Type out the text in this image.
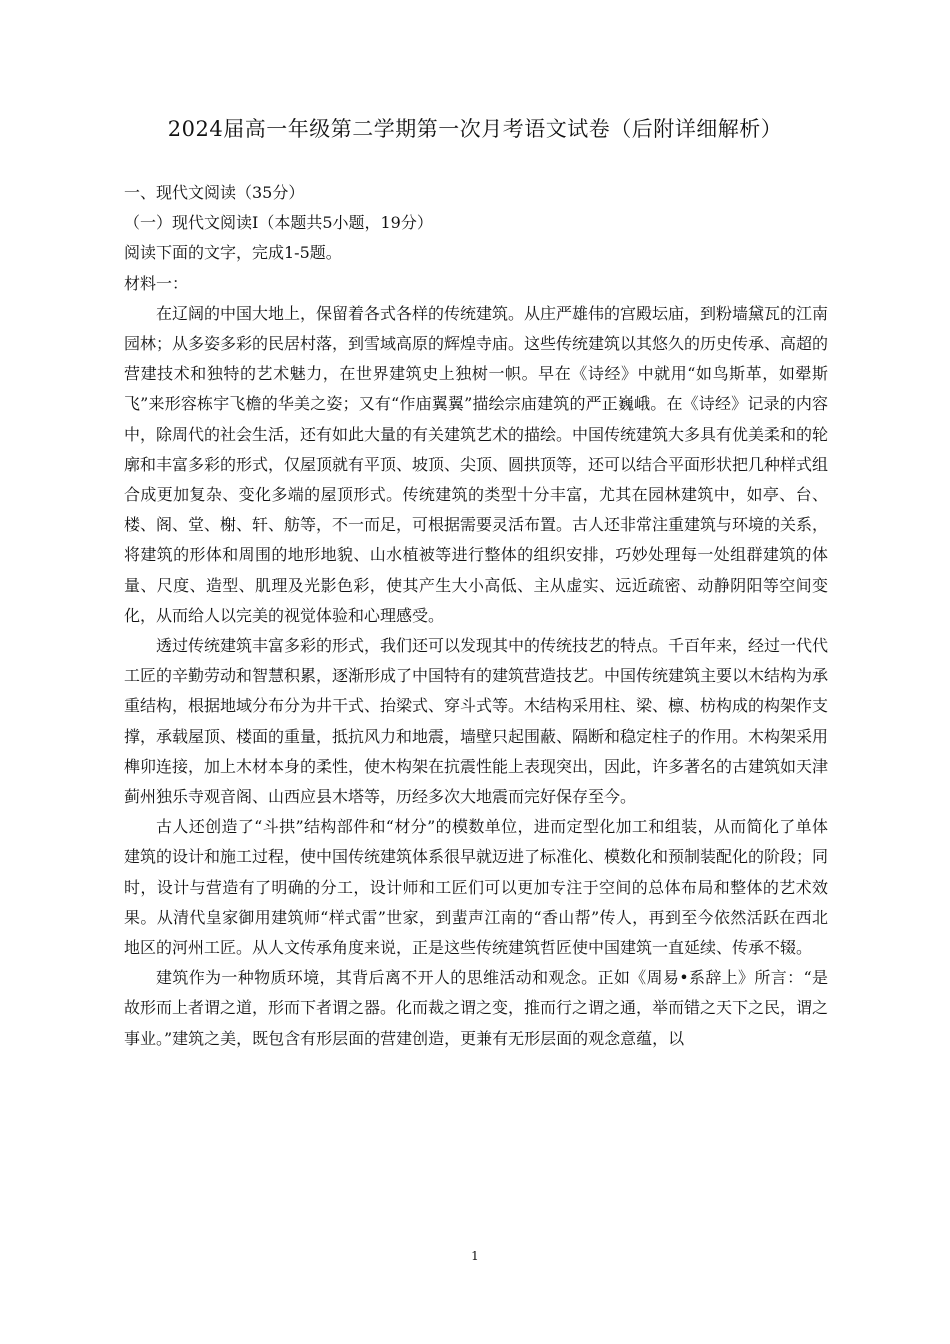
2024届高一年级第二学期第一次月考语文试卷（后附详细解析）

一、现代文阅读（35分）

（一）现代文阅读Ⅰ（本题共5小题，19分）

阅读下面的文字，完成1-5题。

材料一：

在辽阔的中国大地上，保留着各式各样的传统建筑。从庄严雄伟的宫殿坛庙，到粉墙黛瓦的江南园林；从多姿多彩的民居村落，到雪域高原的辉煌寺庙。这些传统建筑以其悠久的历史传承、高超的营建技术和独特的艺术魅力，在世界建筑史上独树一帜。早在《诗经》中就用“如鸟斯革，如翚斯飞”来形容栋宇飞檐的华美之姿；又有“作庙翼翼”描绘宗庙建筑的严正巍峨。在《诗经》记录的内容中，除周代的社会生活，还有如此大量的有关建筑艺术的描绘。中国传统建筑大多具有优美柔和的轮廓和丰富多彩的形式，仅屋顶就有平顶、坡顶、尖顶、圆拱顶等，还可以结合平面形状把几种样式组合成更加复杂、变化多端的屋顶形式。传统建筑的类型十分丰富，尤其在园林建筑中，如亭、台、楼、阁、堂、榭、轩、舫等，不一而足，可根据需要灵活布置。古人还非常注重建筑与环境的关系，将建筑的形体和周围的地形地貌、山水植被等进行整体的组织安排，巧妙处理每一处组群建筑的体量、尺度、造型、肌理及光影色彩，使其产生大小高低、主从虚实、远近疏密、动静阴阳等空间变化，从而给人以完美的视觉体验和心理感受。

透过传统建筑丰富多彩的形式，我们还可以发现其中的传统技艺的特点。千百年来，经过一代代工匠的辛勤劳动和智慧积累，逐渐形成了中国特有的建筑营造技艺。中国传统建筑主要以木结构为承重结构，根据地域分布分为井干式、抬梁式、穿斗式等。木结构采用柱、梁、檩、枋构成的构架作支撑，承载屋顶、楼面的重量，抵抗风力和地震，墙壁只起围蔽、隔断和稳定柱子的作用。木构架采用榫卯连接，加上木材本身的柔性，使木构架在抗震性能上表现突出，因此，许多著名的古建筑如天津蓟州独乐寺观音阁、山西应县木塔等，历经多次大地震而完好保存至今。

古人还创造了“斗拱”结构部件和“材分”的模数单位，进而定型化加工和组装，从而简化了单体建筑的设计和施工过程，使中国传统建筑体系很早就迈进了标准化、模数化和预制装配化的阶段；同时，设计与营造有了明确的分工，设计师和工匠们可以更加专注于空间的总体布局和整体的艺术效果。从清代皇家御用建筑师“样式雷”世家，到蜚声江南的“香山帮”传人，再到至今依然活跃在西北地区的河州工匠。从人文传承角度来说，正是这些传统建筑哲匠使中国建筑一直延续、传承不辍。

建筑作为一种物质环境，其背后离不开人的思维活动和观念。正如《周易•系辞上》所言：“是故形而上者谓之道，形而下者谓之器。化而裁之谓之变，推而行之谓之通，举而错之天下之民，谓之事业。”建筑之美，既包含有形层面的营建创造，更兼有无形层面的观念意蕴，以

1
